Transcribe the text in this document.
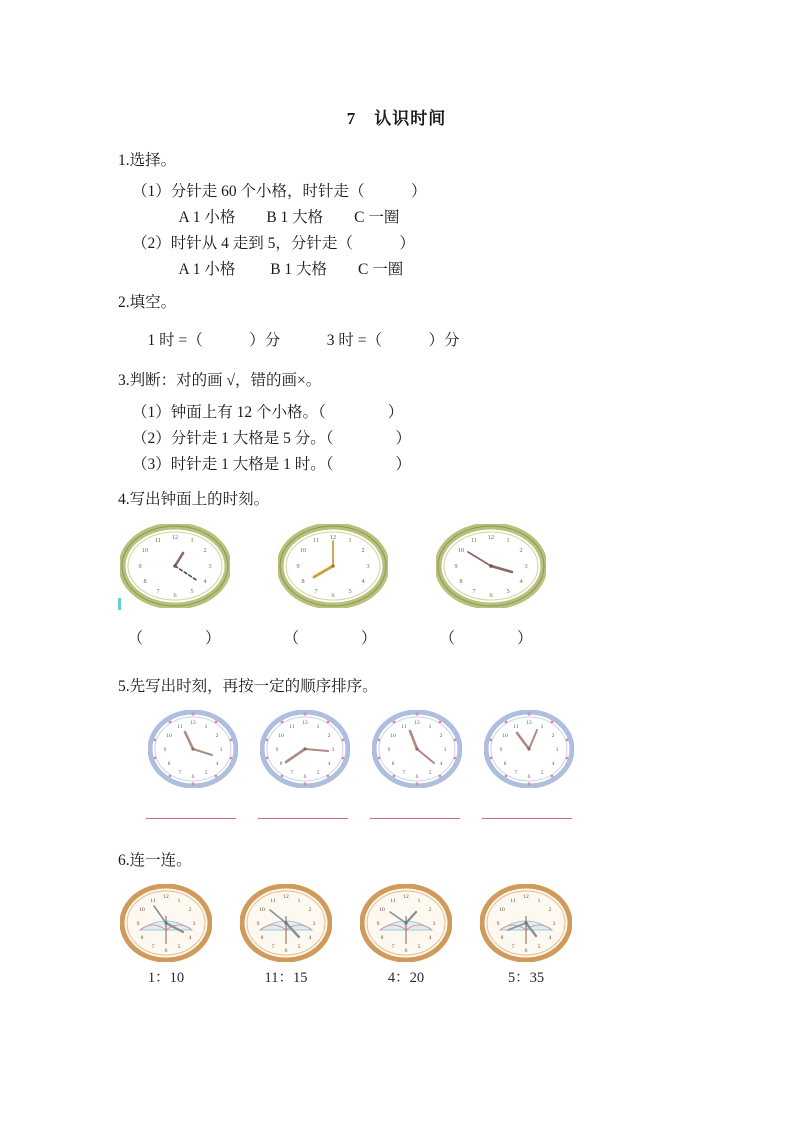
7　认识时间
1.选择。
（1）分针走 60 个小格，时针走（　　　）
　　　A 1 小格　　B 1 大格　　C 一圈
（2）时针从 4 走到 5，分针走（　　　）
　　　A 1 小格　　 B 1 大格　　C 一圈
2.填空。
　1 时 =（　　　）分　　　3 时 =（　　　）分
3.判断：对的画 √，错的画×。
（1）钟面上有 12 个小格。（　　　　）
（2）分针走 1 大格是 5 分。（　　　　）
（3）时针走 1 大格是 1 时。（　　　　）
4.写出钟面上的时刻。
12 1
2
3
4
5
6
7
8
9
10
11	12 1
2
3
4
5
6
7
8
9
10
11	12 1
2
3
4
5
6
7
8
9
10
11
（　　　　）	（　　　　）	（　　　　）
5.先写出时刻，再按一定的顺序排序。
12
1
2
3
4
5
6
7
8
9
10
11
12
1
2
3
4
5
6
7
8
9
10
11
12
1
2
3
4
5
6
7
8
9
10
11
12
1
2
3
4
5
6
7
8
9
10
11
6.连一连。
12
1
2
3
4
5
6
7
8
9
10
11
12
1
2
3
4
5
6
7
8
9
10
11
12
1
2
3
4
5
6
7
8
9
10
11
12
1
2
3
4
5
6
7
8
9
10
11
1：10	11：15	4：20	5：35
